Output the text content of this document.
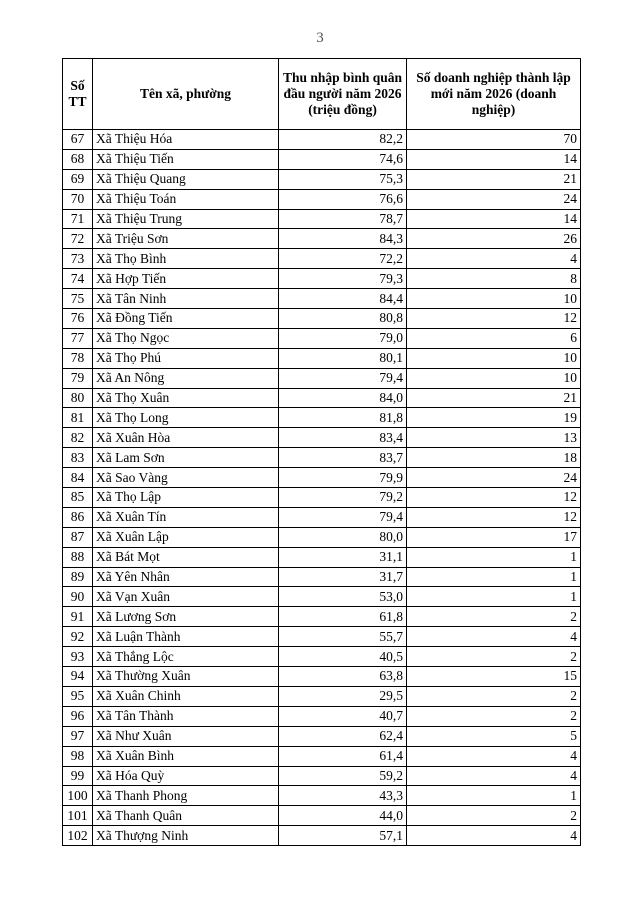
3
Số TT	Tên xã, phường	Thu nhập bình quân đầu người năm 2026 (triệu đồng)	Số doanh nghiệp thành lập mới năm 2026 (doanh nghiệp)
67	Xã Thiệu Hóa	82,2	70
68	Xã Thiệu Tiến	74,6	14
69	Xã Thiệu Quang	75,3	21
70	Xã Thiệu Toán	76,6	24
71	Xã Thiệu Trung	78,7	14
72	Xã Triệu Sơn	84,3	26
73	Xã Thọ Bình	72,2	4
74	Xã Hợp Tiến	79,3	8
75	Xã Tân Ninh	84,4	10
76	Xã Đồng Tiến	80,8	12
77	Xã Thọ Ngọc	79,0	6
78	Xã Thọ Phú	80,1	10
79	Xã An Nông	79,4	10
80	Xã Thọ Xuân	84,0	21
81	Xã Thọ Long	81,8	19
82	Xã Xuân Hòa	83,4	13
83	Xã Lam Sơn	83,7	18
84	Xã Sao Vàng	79,9	24
85	Xã Thọ Lập	79,2	12
86	Xã Xuân Tín	79,4	12
87	Xã Xuân Lập	80,0	17
88	Xã Bát Mọt	31,1	1
89	Xã Yên Nhân	31,7	1
90	Xã Vạn Xuân	53,0	1
91	Xã Lương Sơn	61,8	2
92	Xã Luận Thành	55,7	4
93	Xã Thắng Lộc	40,5	2
94	Xã Thường Xuân	63,8	15
95	Xã Xuân Chinh	29,5	2
96	Xã Tân Thành	40,7	2
97	Xã Như Xuân	62,4	5
98	Xã Xuân Bình	61,4	4
99	Xã Hóa Quỳ	59,2	4
100	Xã Thanh Phong	43,3	1
101	Xã Thanh Quân	44,0	2
102	Xã Thượng Ninh	57,1	4
